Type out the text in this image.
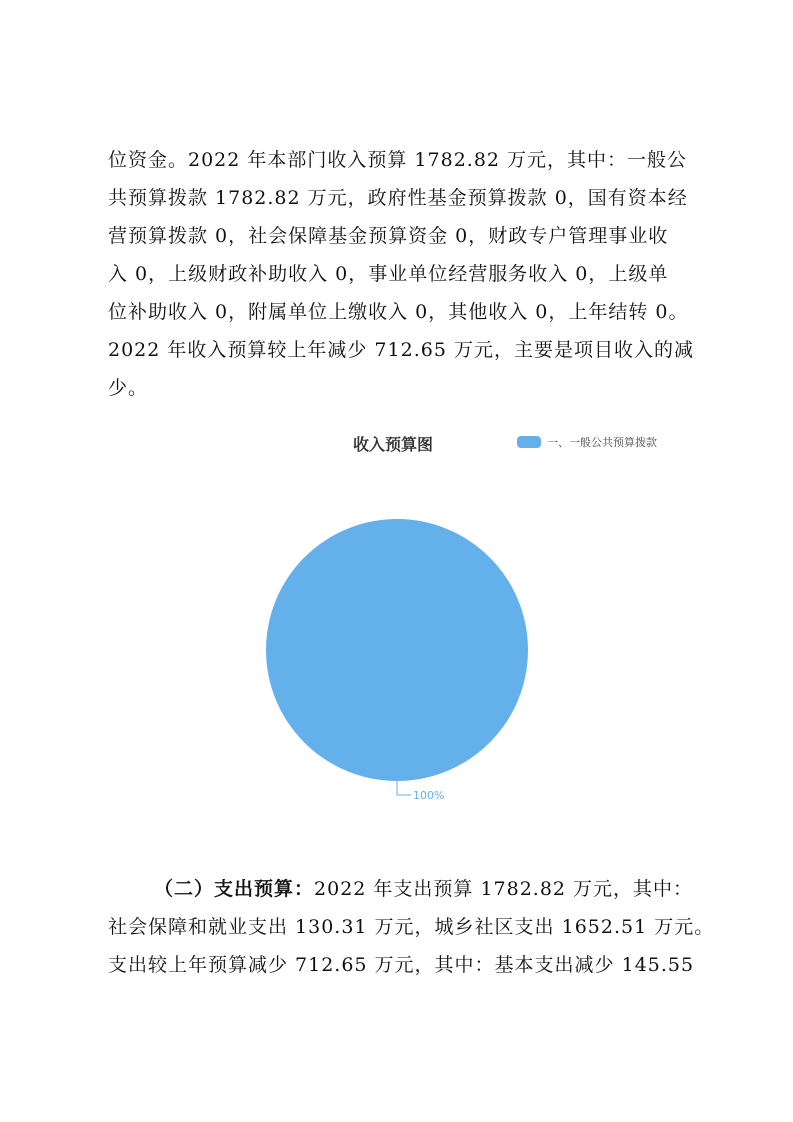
位资金。2022 年本部门收入预算 1782.82 万元，其中：一般公
共预算拨款 1782.82 万元，政府性基金预算拨款 0，国有资本经
营预算拨款 0，社会保障基金预算资金 0，财政专户管理事业收
入 0，上级财政补助收入 0，事业单位经营服务收入 0，上级单
位补助收入 0，附属单位上缴收入 0，其他收入 0，上年结转 0。
2022 年收入预算较上年减少 712.65 万元，主要是项目收入的减
少。
收入预算图	一、一般公共预算拨款
100%
（二）支出预算：2022 年支出预算 1782.82 万元，其中：
社会保障和就业支出 130.31 万元，城乡社区支出 1652.51 万元。
支出较上年预算减少 712.65 万元，其中：基本支出减少 145.55
